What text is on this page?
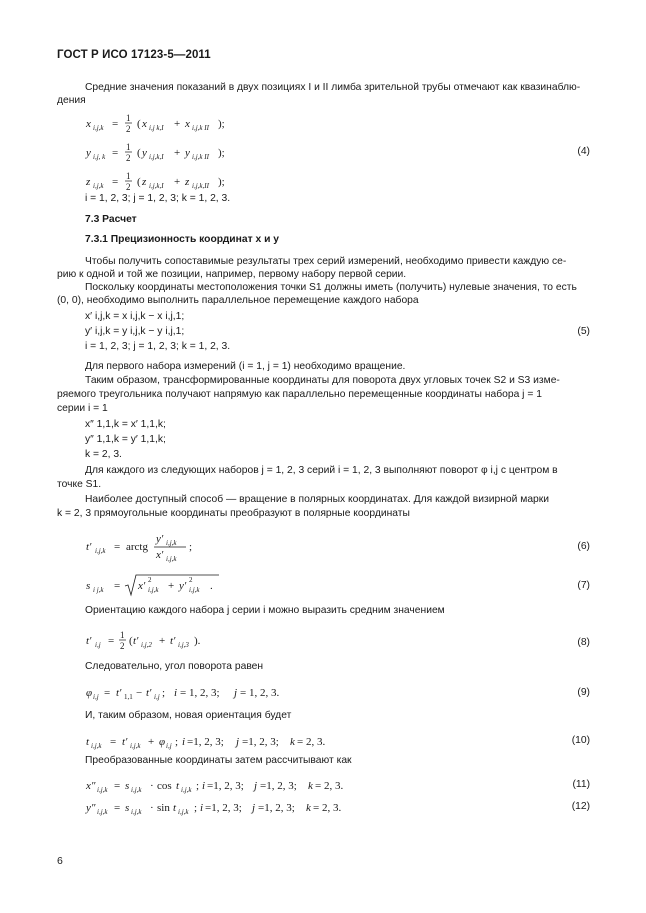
ГОСТ Р ИСО 17123-5—2011
Средние значения показаний в двух позициях I и II лимба зрительной трубы отмечают как квазинаблю-
дения
x i,j,k = 1
2 ( x i,j k,I + x i,j,k II );
y i,j, k = 1
2 ( y i,j,k,I + y i,j,k II );
z i,j,k = 1
2 ( z i,j,k,I + z i,j,k,II );
(4)
i = 1, 2, 3; j = 1, 2, 3; k = 1, 2, 3.
7.3 Расчет
7.3.1 Прецизионность координат x и y
Чтобы получить сопоставимые результаты трех серий измерений, необходимо привести каждую се-
рию к одной и той же позиции, например, первому набору первой серии.
Поскольку координаты местоположения точки S1 должны иметь (получить) нулевые значения, то есть
(0, 0), необходимо выполнить параллельное перемещение каждого набора
x′ i,j,k = x i,j,k − x i,j,1;
y′ i,j,k = y i,j,k − y i,j,1;	(5)
i = 1, 2, 3; j = 1, 2, 3; k = 1, 2, 3.
Для первого набора измерений (i = 1, j = 1) необходимо вращение.
Таким образом, трансформированные координаты для поворота двух угловых точек S2 и S3 изме-
ряемого треугольника получают напрямую как параллельно перемещенные координаты набора j = 1
серии i = 1
x″ 1,1,k = x′ 1,1,k;
y″ 1,1,k = y′ 1,1,k;
k = 2, 3.
Для каждого из следующих наборов j = 1, 2, 3 серий i = 1, 2, 3 выполняют поворот φ i,j с центром в
точке S1.
Наиболее доступный способ — вращение в полярных координатах. Для каждой визирной марки
k = 2, 3 прямоугольные координаты преобразуют в полярные координаты
t′ i,j,k = arctg
y′ i,j,k
x′ i,j,k
;	(6)
s i j,k = x′ 2
i,j,k + y′ 2
i,j,k .	(7)
Ориентацию каждого набора j серии i можно выразить средним значением
t′ i,j = 1
2 ( t′ i,j,2 + t′ i,j,3 ).	(8)
Следовательно, угол поворота равен
φ i,j = t′ 1,1 − t′ i,j ; i = 1, 2, 3; j = 1, 2, 3.	(9)
И, таким образом, новая ориентация будет
t i,j,k = t′ i,j,k + φ i,j ; i =1, 2, 3; j =1, 2, 3; k = 2, 3.	(10)
Преобразованные координаты затем рассчитывают как
x″ i,j,k = s i,j,k · cos t i,j,k ; i =1, 2, 3; j =1, 2, 3; k = 2, 3.	(11)
y″ i,j,k = s i,j,k · sin t i,j,k ; i =1, 2, 3; j =1, 2, 3; k = 2, 3.	(12)
6
